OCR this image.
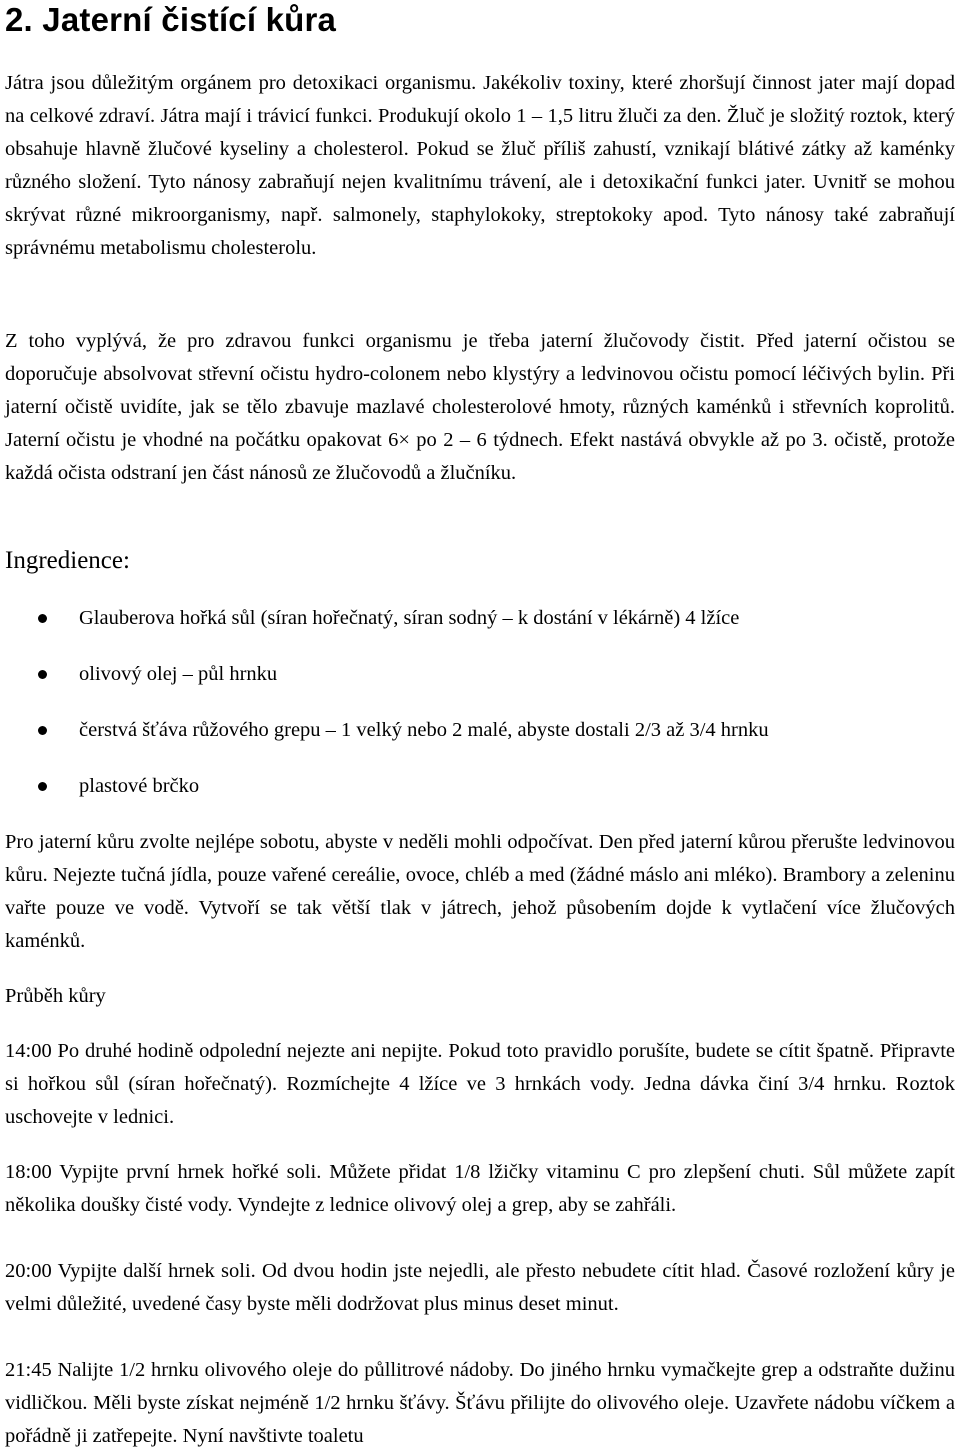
2. Jaterní čistící kůra

Játra jsou důležitým orgánem pro detoxikaci organismu. Jakékoliv toxiny, které zhoršují činnost jater mají dopad na celkové zdraví. Játra mají i trávicí funkci. Produkují okolo 1 – 1,5 litru žluči za den. Žluč je složitý roztok, který obsahuje hlavně žlučové kyseliny a cholesterol. Pokud se žluč příliš zahustí, vznikají blátivé zátky až kaménky různého složení. Tyto nánosy zabraňují nejen kvalitnímu trávení, ale i detoxikační funkci jater. Uvnitř se mohou skrývat různé mikroorganismy, např. salmonely, staphylokoky, streptokoky apod. Tyto nánosy také zabraňují správnému metabolismu cholesterolu.

Z toho vyplývá, že pro zdravou funkci organismu je třeba jaterní žlučovody čistit. Před jaterní očistou se doporučuje absolvovat střevní očistu hydro-colonem nebo klystýry a ledvinovou očistu pomocí léčivých bylin. Při jaterní očistě uvidíte, jak se tělo zbavuje mazlavé cholesterolové hmoty, různých kaménků i střevních koprolitů. Jaterní očistu je vhodné na počátku opakovat 6× po 2 – 6 týdnech. Efekt nastává obvykle až po 3. očistě, protože každá očista odstraní jen část nánosů ze žlučovodů a žlučníku.

Ingredience:
Glauberova hořká sůl (síran hořečnatý, síran sodný – k dostání v lékárně) 4 lžíce
olivový olej – půl hrnku
čerstvá šťáva růžového grepu – 1 velký nebo 2 malé, abyste dostali 2/3 až 3/4 hrnku
plastové brčko

Pro jaterní kůru zvolte nejlépe sobotu, abyste v neděli mohli odpočívat. Den před jaterní kůrou přerušte ledvinovou kůru. Nejezte tučná jídla, pouze vařené cereálie, ovoce, chléb a med (žádné máslo ani mléko). Brambory a zeleninu vařte pouze ve vodě. Vytvoří se tak větší tlak v játrech, jehož působením dojde k vytlačení více žlučových kaménků.

Průběh kůry

14:00 Po druhé hodině odpolední nejezte ani nepijte. Pokud toto pravidlo porušíte, budete se cítit špatně. Připravte si hořkou sůl (síran hořečnatý). Rozmíchejte 4 lžíce ve 3 hrnkách vody. Jedna dávka činí 3/4 hrnku. Roztok uschovejte v lednici.

18:00 Vypijte první hrnek hořké soli. Můžete přidat 1/8 lžičky vitaminu C pro zlepšení chuti. Sůl můžete zapít několika doušky čisté vody. Vyndejte z lednice olivový olej a grep, aby se zahřáli.

20:00 Vypijte další hrnek soli. Od dvou hodin jste nejedli, ale přesto nebudete cítit hlad. Časové rozložení kůry je velmi důležité, uvedené časy byste měli dodržovat plus minus deset minut.

21:45 Nalijte 1/2 hrnku olivového oleje do půllitrové nádoby. Do jiného hrnku vymačkejte grep a odstraňte dužinu vidličkou. Měli byste získat nejméně 1/2 hrnku šťávy. Šťávu přilijte do olivového oleje. Uzavřete nádobu víčkem a pořádně ji zatřepejte. Nyní navštivte toaletu
